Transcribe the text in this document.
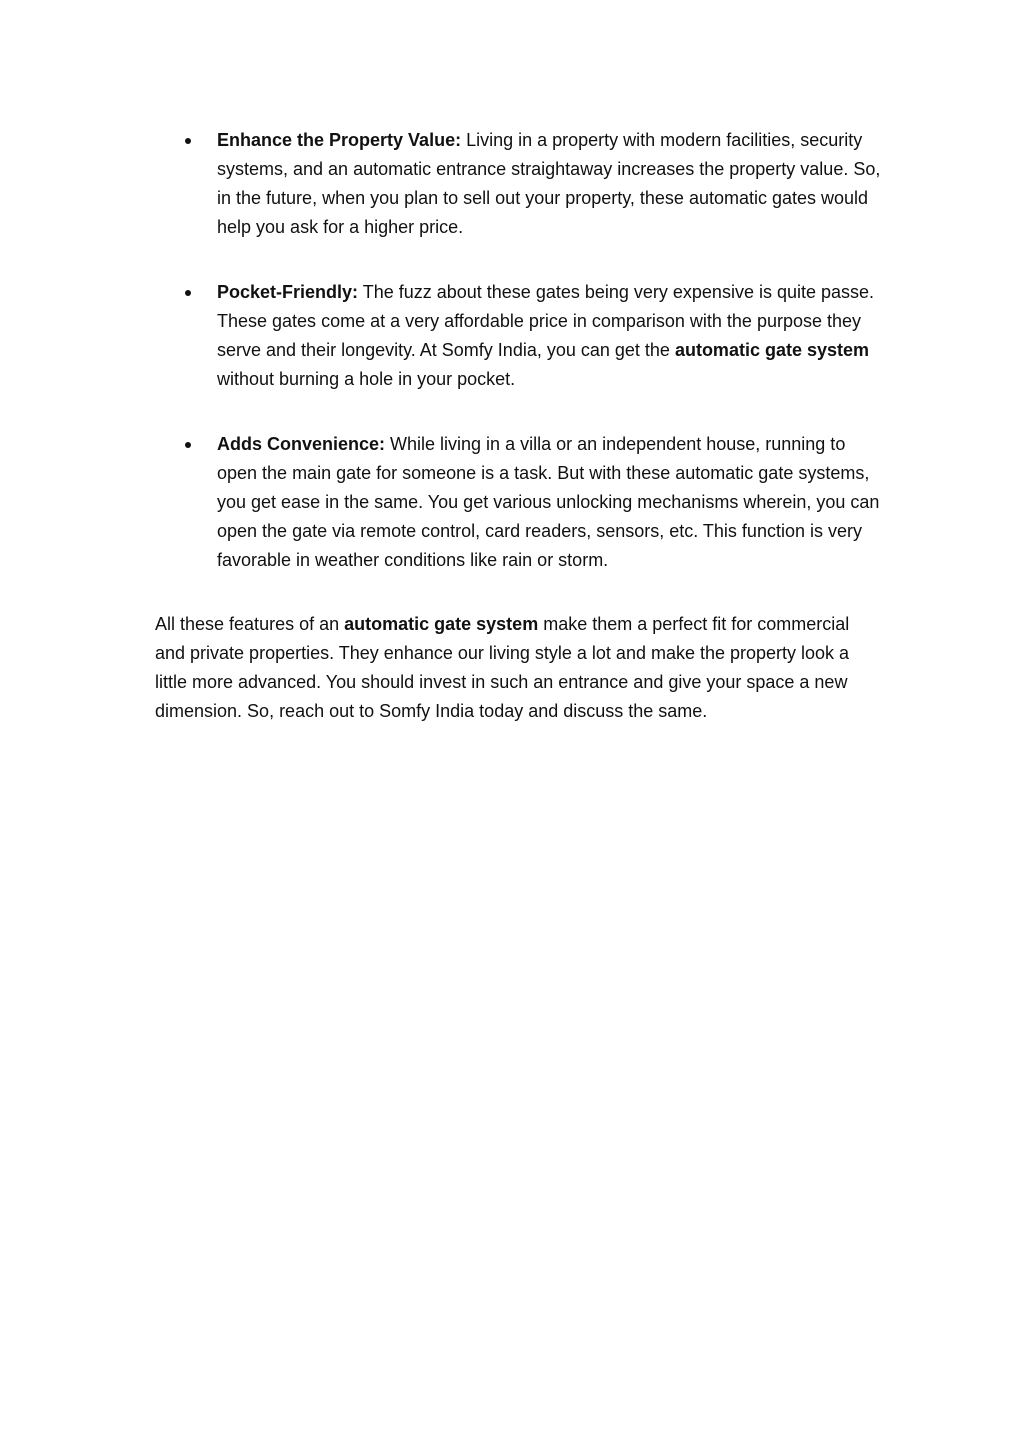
Enhance the Property Value: Living in a property with modern facilities, security systems, and an automatic entrance straightaway increases the property value. So, in the future, when you plan to sell out your property, these automatic gates would help you ask for a higher price.
Pocket-Friendly: The fuzz about these gates being very expensive is quite passe. These gates come at a very affordable price in comparison with the purpose they serve and their longevity. At Somfy India, you can get the automatic gate system without burning a hole in your pocket.
Adds Convenience: While living in a villa or an independent house, running to open the main gate for someone is a task. But with these automatic gate systems, you get ease in the same. You get various unlocking mechanisms wherein, you can open the gate via remote control, card readers, sensors, etc. This function is very favorable in weather conditions like rain or storm.

All these features of an automatic gate system make them a perfect fit for commercial and private properties. They enhance our living style a lot and make the property look a little more advanced. You should invest in such an entrance and give your space a new dimension. So, reach out to Somfy India today and discuss the same.
